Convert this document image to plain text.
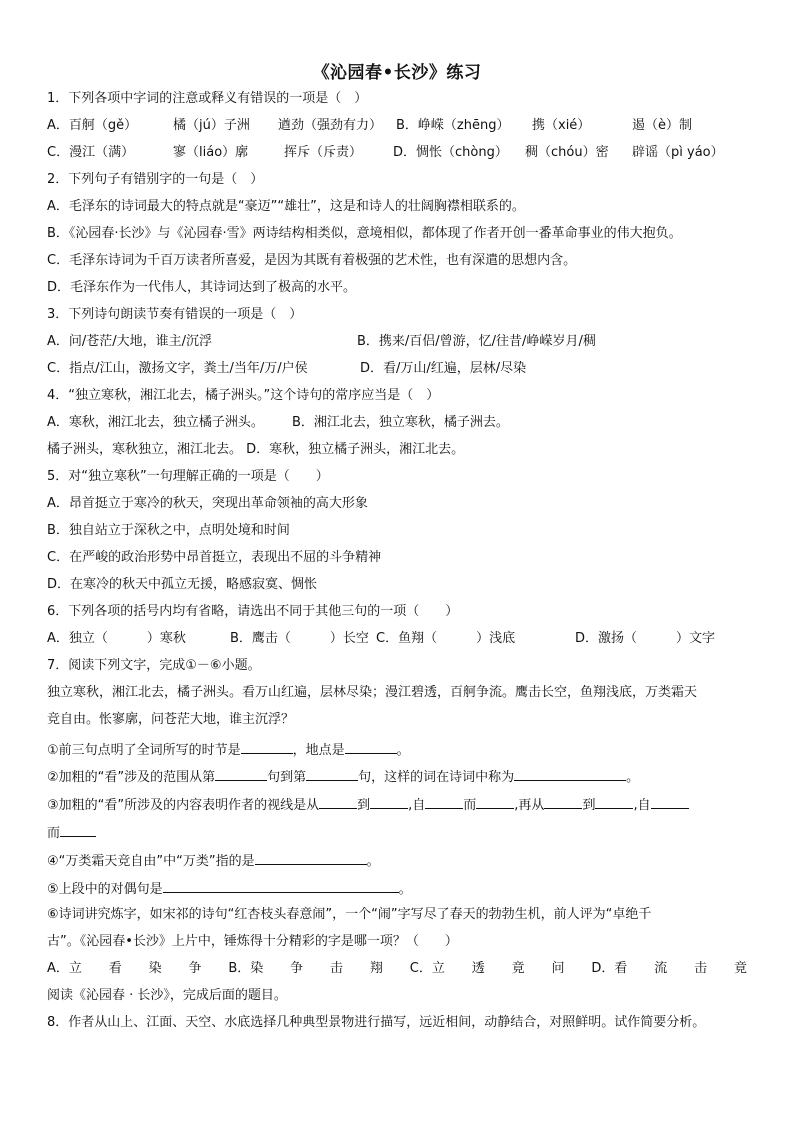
《沁园春•长沙》练习
1．下列各项中字词的注意或释义有错误的一项是（　）
A．百舸（gě）	橘（jú）子洲 遒劲（强劲有力） B．峥嵘（zhēng） 携（xié）	遏（è）制
C．漫江（满）	寥（liáo）廓	挥斥（斥责） D．惆怅（chòng） 稠（chóu）密 辟谣（pì yáo）
2．下列句子有错别字的一句是（　）
A．毛泽东的诗词最大的特点就是“豪迈”“雄壮”，这是和诗人的壮阔胸襟相联系的。
B．《沁园春·长沙》与《沁园春·雪》两诗结构相类似，意境相似，都体现了作者开创一番革命事业的伟大抱负。
C．毛泽东诗词为千百万读者所喜爱，是因为其既有着极强的艺术性，也有深遣的思想内含。
D．毛泽东作为一代伟人，其诗词达到了极高的水平。
3．下列诗句朗读节奏有错误的一项是（　）
A．问/苍茫/大地，谁主/沉浮	B．携来/百侣/曾游，忆/往昔/峥嵘岁月/稠
C．指点/江山，激扬文字，粪土/当年/万/户侯	D．看/万山/红遍，层林/尽染
4．“独立寒秋，湘江北去，橘子洲头。”这个诗句的常序应当是（　）
A．寒秋，湘江北去，独立橘子洲头。 B．湘江北去，独立寒秋，橘子洲去。
橘子洲头，寒秋独立，湘江北去。 D．寒秋，独立橘子洲头，湘江北去。
5．对“独立寒秋”一句理解正确的一项是（　　）
A．昂首挺立于寒冷的秋天，突现出革命领袖的高大形象
B．独自站立于深秋之中，点明处境和时间
C．在严峻的政治形势中昂首挺立，表现出不屈的斗争精神
D．在寒冷的秋天中孤立无援，略感寂寞、惆怅
6．下列各项的括号内均有省略，请选出不同于其他三句的一项（　　）
A．独立（　　　）寒秋	B．鹰击（　　　）长空 C．鱼翔（　　　）浅底	D．激扬（　　　）文字
7．阅读下列文字，完成①－⑥小题。
独立寒秋，湘江北去，橘子洲头。看万山红遍，层林尽染；漫江碧透，百舸争流。鹰击长空，鱼翔浅底，万类霜天
竞自由。怅寥廓，问苍茫大地，谁主沉浮？
①前三句点明了全词所写的时节是	，地点是	。
②加粗的“看”涉及的范围从第	句到第	句，这样的词在诗词中称为	。
③加粗的“看”所涉及的内容表明作者的视线是从	到	,自	而	,再从	到	,自
而
④“万类霜天竞自由”中“万类”指的是	。
⑤上段中的对偶句是	。
⑥诗词讲究炼字，如宋祁的诗句“红杏枝头春意闹”，一个“闹”字写尽了春天的勃勃生机，前人评为“卓绝千
古”。《沁园春•长沙》上片中，锤炼得十分精彩的字是哪一项？（　　）
A．立 看 染 争 B．染 争 击 翔 C．立 透 竟 问 D．看 流 击 竟
阅读《沁园春 · 长沙》，完成后面的题目。
8．作者从山上、江面、天空、水底选择几种典型景物进行描写，远近相间，动静结合，对照鲜明。试作简要分析。
